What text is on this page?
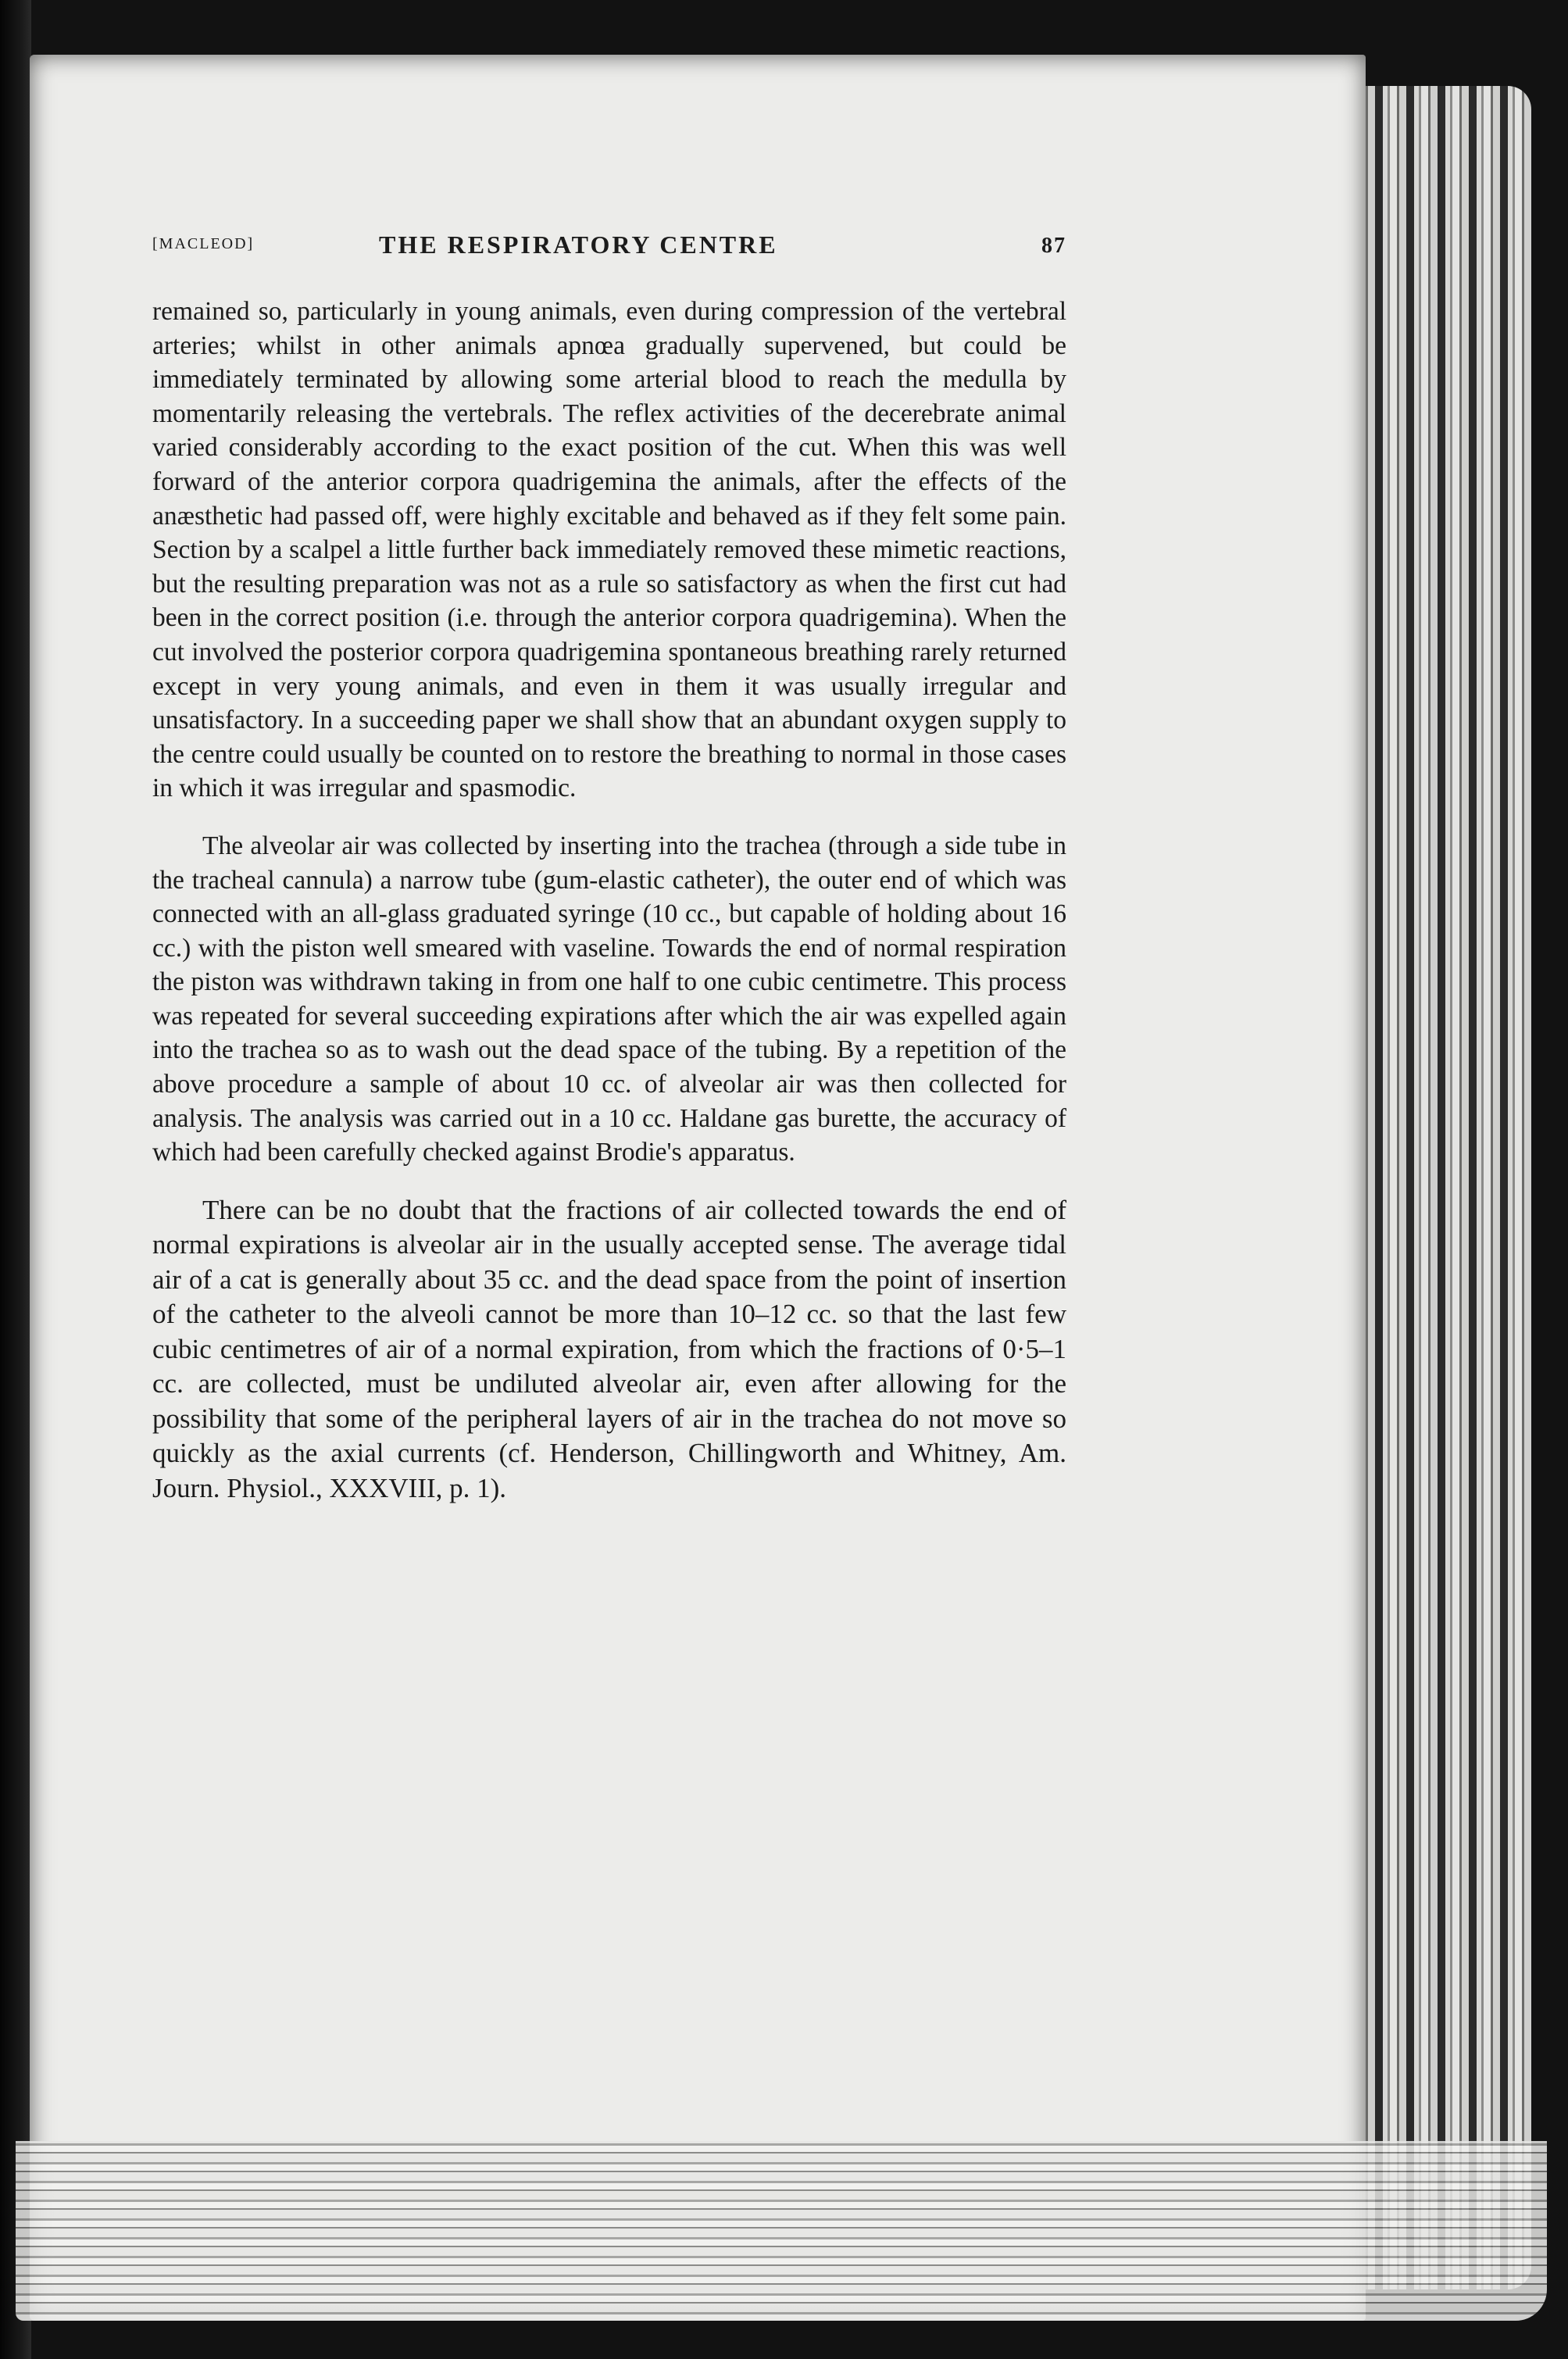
[MACLEOD]	THE RESPIRATORY CENTRE	87

remained so, particularly in young animals, even during compression of the vertebral arteries; whilst in other animals apnœa gradually supervened, but could be immediately terminated by allowing some arterial blood to reach the medulla by momentarily releasing the vertebrals. The reflex activities of the decerebrate animal varied considerably according to the exact position of the cut. When this was well forward of the anterior corpora quadrigemina the animals, after the effects of the anæsthetic had passed off, were highly excitable and behaved as if they felt some pain. Section by a scalpel a little further back immediately removed these mimetic reactions, but the resulting preparation was not as a rule so satisfactory as when the first cut had been in the correct position (i.e. through the anterior corpora quadrigemina). When the cut involved the posterior corpora quadrigemina spontaneous breathing rarely returned except in very young animals, and even in them it was usually irregular and unsatisfactory. In a succeeding paper we shall show that an abundant oxygen supply to the centre could usually be counted on to restore the breathing to normal in those cases in which it was irregular and spasmodic.

The alveolar air was collected by inserting into the trachea (through a side tube in the tracheal cannula) a narrow tube (gum-elastic catheter), the outer end of which was connected with an all-glass graduated syringe (10 cc., but capable of holding about 16 cc.) with the piston well smeared with vaseline. Towards the end of normal respiration the piston was withdrawn taking in from one half to one cubic centimetre. This process was repeated for several succeeding expirations after which the air was expelled again into the trachea so as to wash out the dead space of the tubing. By a repetition of the above procedure a sample of about 10 cc. of alveolar air was then collected for analysis. The analysis was carried out in a 10 cc. Haldane gas burette, the accuracy of which had been carefully checked against Brodie's apparatus.

There can be no doubt that the fractions of air collected towards the end of normal expirations is alveolar air in the usually accepted sense. The average tidal air of a cat is generally about 35 cc. and the dead space from the point of insertion of the catheter to the alveoli cannot be more than 10–12 cc. so that the last few cubic centimetres of air of a normal expiration, from which the fractions of 0·5–1 cc. are collected, must be undiluted alveolar air, even after allowing for the possibility that some of the peripheral layers of air in the trachea do not move so quickly as the axial currents (cf. Henderson, Chillingworth and Whitney, Am. Journ. Physiol., XXXVIII, p. 1).
